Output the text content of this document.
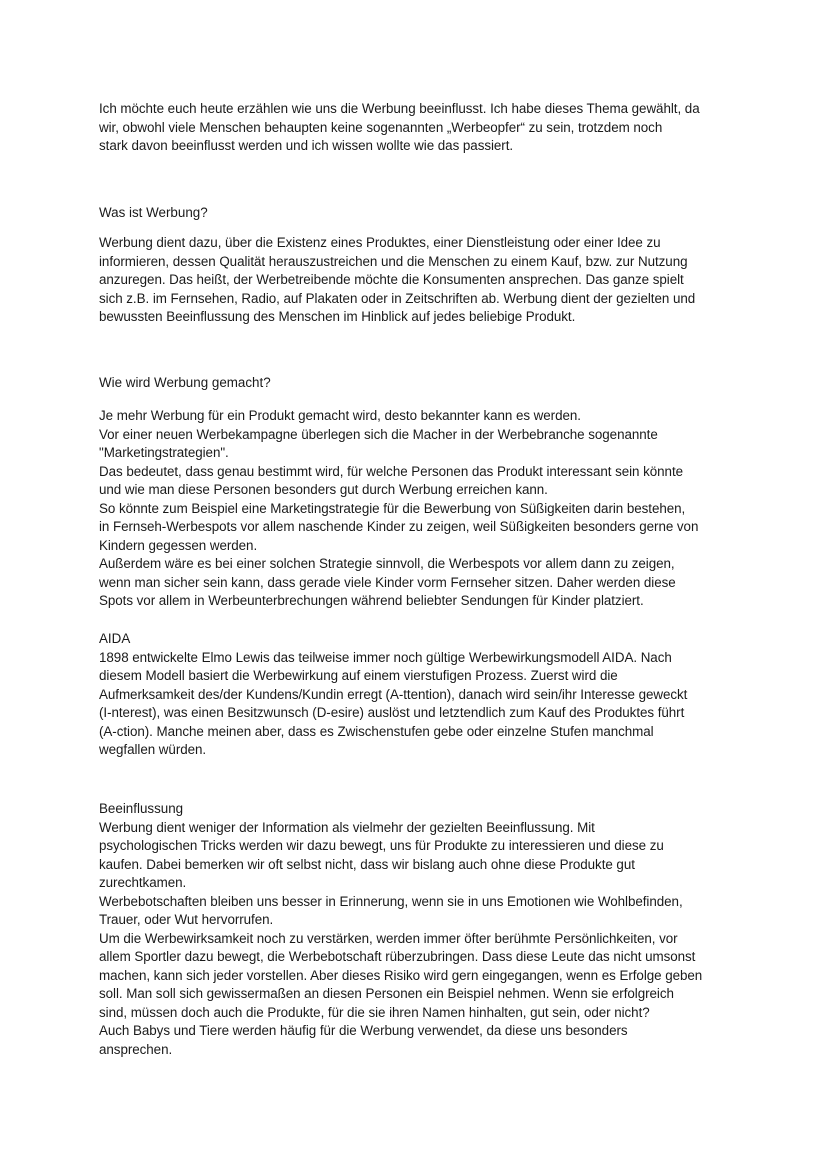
Ich möchte euch heute erzählen wie uns die Werbung beeinflusst. Ich habe dieses Thema gewählt, da
wir, obwohl viele Menschen behaupten keine sogenannten „Werbeopfer“ zu sein, trotzdem noch
stark davon beeinflusst werden und ich wissen wollte wie das passiert.
Was ist Werbung?
Werbung dient dazu, über die Existenz eines Produktes, einer Dienstleistung oder einer Idee zu
informieren, dessen Qualität herauszustreichen und die Menschen zu einem Kauf, bzw. zur Nutzung
anzuregen. Das heißt, der Werbetreibende möchte die Konsumenten ansprechen. Das ganze spielt
sich z.B. im Fernsehen, Radio, auf Plakaten oder in Zeitschriften ab. Werbung dient der gezielten und
bewussten Beeinflussung des Menschen im Hinblick auf jedes beliebige Produkt.
Wie wird Werbung gemacht?
Je mehr Werbung für ein Produkt gemacht wird, desto bekannter kann es werden.
Vor einer neuen Werbekampagne überlegen sich die Macher in der Werbebranche sogenannte
"Marketingstrategien".
Das bedeutet, dass genau bestimmt wird, für welche Personen das Produkt interessant sein könnte
und wie man diese Personen besonders gut durch Werbung erreichen kann.
So könnte zum Beispiel eine Marketingstrategie für die Bewerbung von Süßigkeiten darin bestehen,
in Fernseh-Werbespots vor allem naschende Kinder zu zeigen, weil Süßigkeiten besonders gerne von
Kindern gegessen werden.
Außerdem wäre es bei einer solchen Strategie sinnvoll, die Werbespots vor allem dann zu zeigen,
wenn man sicher sein kann, dass gerade viele Kinder vorm Fernseher sitzen. Daher werden diese
Spots vor allem in Werbeunterbrechungen während beliebter Sendungen für Kinder platziert.
AIDA
1898 entwickelte Elmo Lewis das teilweise immer noch gültige Werbewirkungsmodell AIDA. Nach
diesem Modell basiert die Werbewirkung auf einem vierstufigen Prozess. Zuerst wird die
Aufmerksamkeit des/der Kundens/Kundin erregt (A-ttention), danach wird sein/ihr Interesse geweckt
(I-nterest), was einen Besitzwunsch (D-esire) auslöst und letztendlich zum Kauf des Produktes führt
(A-ction). Manche meinen aber, dass es Zwischenstufen gebe oder einzelne Stufen manchmal
wegfallen würden.
Beeinflussung
Werbung dient weniger der Information als vielmehr der gezielten Beeinflussung. Mit
psychologischen Tricks werden wir dazu bewegt, uns für Produkte zu interessieren und diese zu
kaufen. Dabei bemerken wir oft selbst nicht, dass wir bislang auch ohne diese Produkte gut
zurechtkamen.
Werbebotschaften bleiben uns besser in Erinnerung, wenn sie in uns Emotionen wie Wohlbefinden,
Trauer, oder Wut hervorrufen.
Um die Werbewirksamkeit noch zu verstärken, werden immer öfter berühmte Persönlichkeiten, vor
allem Sportler dazu bewegt, die Werbebotschaft rüberzubringen. Dass diese Leute das nicht umsonst
machen, kann sich jeder vorstellen. Aber dieses Risiko wird gern eingegangen, wenn es Erfolge geben
soll. Man soll sich gewissermaßen an diesen Personen ein Beispiel nehmen. Wenn sie erfolgreich
sind, müssen doch auch die Produkte, für die sie ihren Namen hinhalten, gut sein, oder nicht?
Auch Babys und Tiere werden häufig für die Werbung verwendet, da diese uns besonders
ansprechen.
